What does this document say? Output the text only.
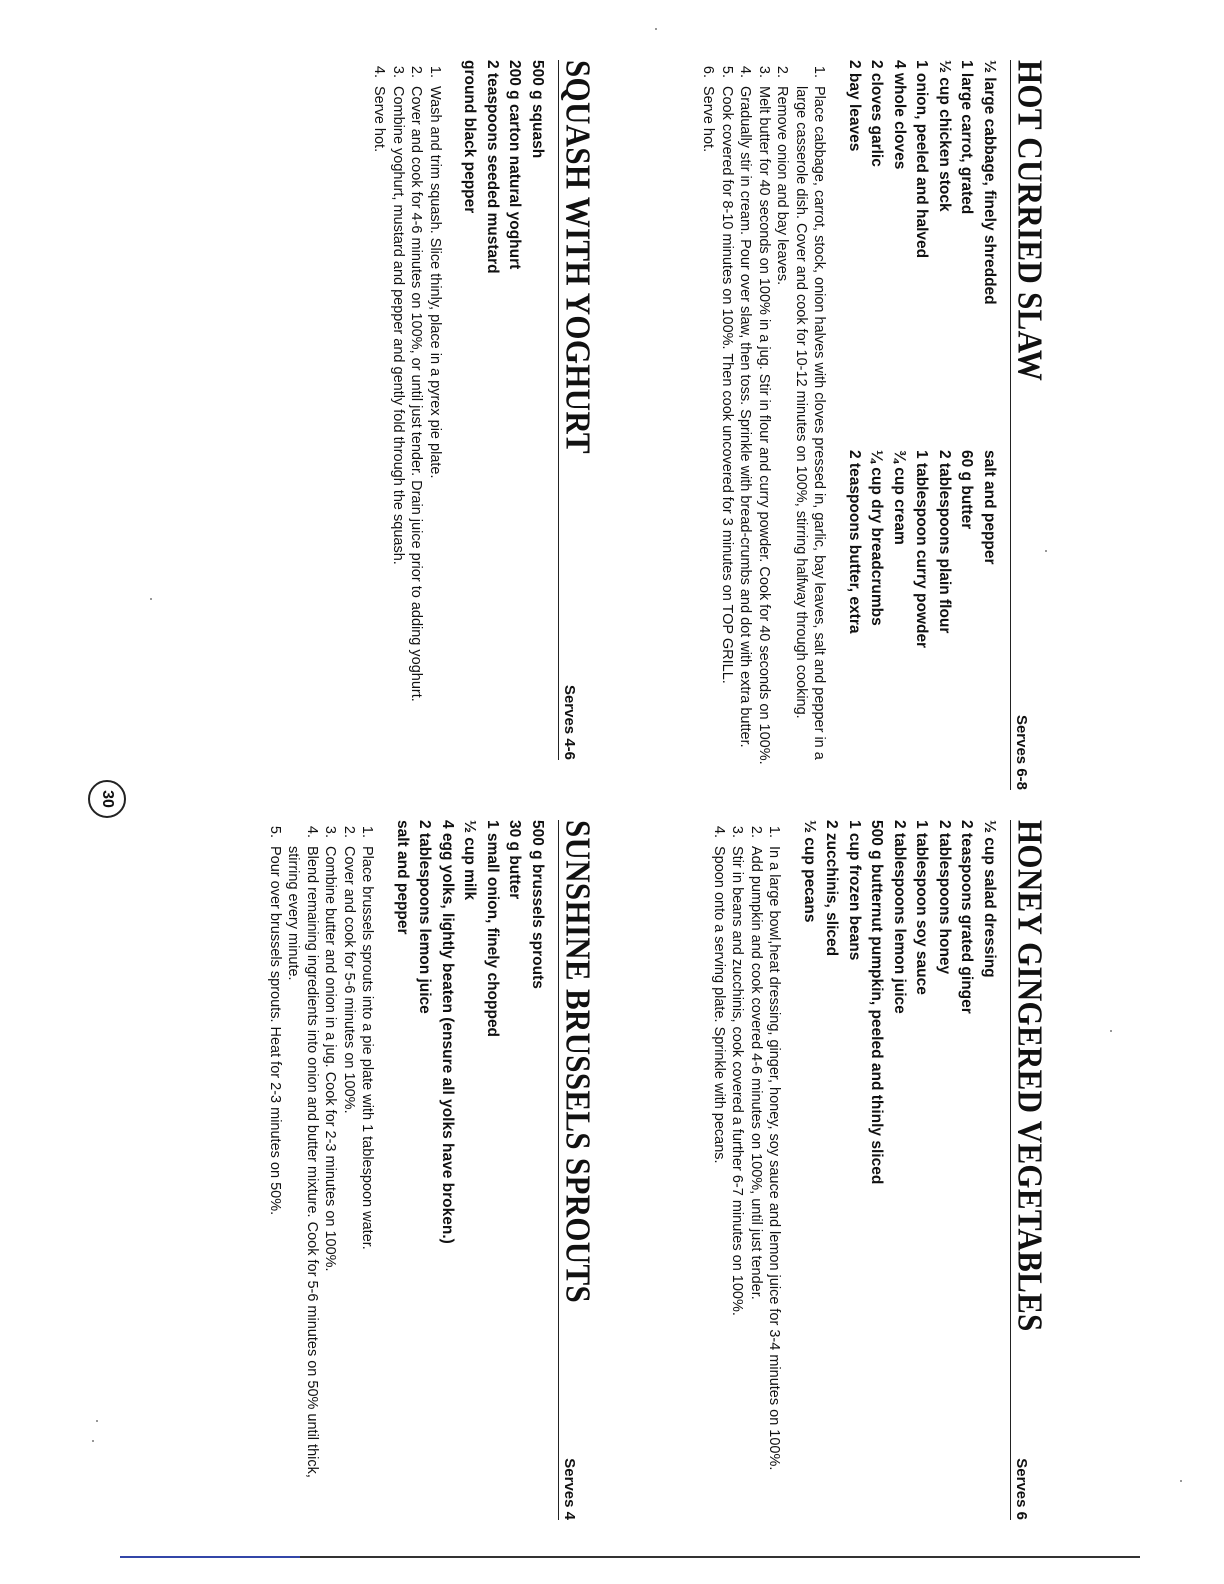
HOT CURRIED SLAW
Serves 6-8
½ large cabbage, finely shredded
1 large carrot, grated
½ cup chicken stock
1 onion, peeled and halved
4 whole cloves
2 cloves garlic
2 bay leaves
salt and pepper
60 g butter
2 tablespoons plain flour
1 tablespoon curry powder
¾ cup cream
¼ cup dry breadcrumbs
2 teaspoons butter, extra
1. Place cabbage, carrot, stock, onion halves with cloves pressed in, garlic, bay leaves, salt and pepper in a large casserole dish. Cover and cook for 10-12 minutes on 100%, stirring halfway through cooking.
2. Remove onion and bay leaves.
3. Melt butter for 40 seconds on 100% in a jug. Stir in flour and curry powder. Cook for 40 seconds on 100%.
4. Gradually stir in cream. Pour over slaw, then toss. Sprinkle with bread-crumbs and dot with extra butter.
5. Cook covered for 8-10 minutes on 100%. Then cook uncovered for 3 minutes on TOP GRILL.
6. Serve hot.
HONEY GINGERED VEGETABLES
Serves 6
½ cup salad dressing
2 teaspoons grated ginger
2 tablespoons honey
1 tablespoon soy sauce
2 tablespoons lemon juice
500 g butternut pumpkin, peeled and thinly sliced
1 cup frozen beans
2 zucchinis, sliced
½ cup pecans
1. In a large bowl,heat dressing, ginger, honey, soy sauce and lemon juice for 3-4 minutes on 100%.
2. Add pumpkin and cook covered 4-6 minutes on 100%, until just tender.
3. Stir in beans and zucchinis, cook covered a further 6-7 minutes on 100%.
4. Spoon onto a serving plate. Sprinkle with pecans.
SQUASH WITH YOGHURT
Serves 4-6
500 g squash
200 g carton natural yoghurt
2 teaspoons seeded mustard
ground black pepper
1. Wash and trim squash. Slice thinly, place in a pyrex pie plate.
2. Cover and cook for 4-6 minutes on 100%, or until just tender. Drain juice prior to adding yoghurt.
3. Combine yoghurt, mustard and pepper and gently fold through the squash.
4. Serve hot.
SUNSHINE BRUSSELS SPROUTS
Serves 4
500 g brussels sprouts
30 g butter
1 small onion, finely chopped
½ cup milk
4 egg yolks, lightly beaten (ensure all yolks have broken.)
2 tablespoons lemon juice
salt and pepper
1. Place brussels sprouts into a pie plate with 1 tablespoon water.
2. Cover and cook for 5-6 minutes on 100%.
3. Combine butter and onion in a jug. Cook for 2-3 minutes on 100%.
4. Blend remaining ingredients into onion and butter mixture. Cook for 5-6 minutes on 50% until thick, stirring every minute.
5. Pour over brussels sprouts. Heat for 2-3 minutes on 50%.
30
